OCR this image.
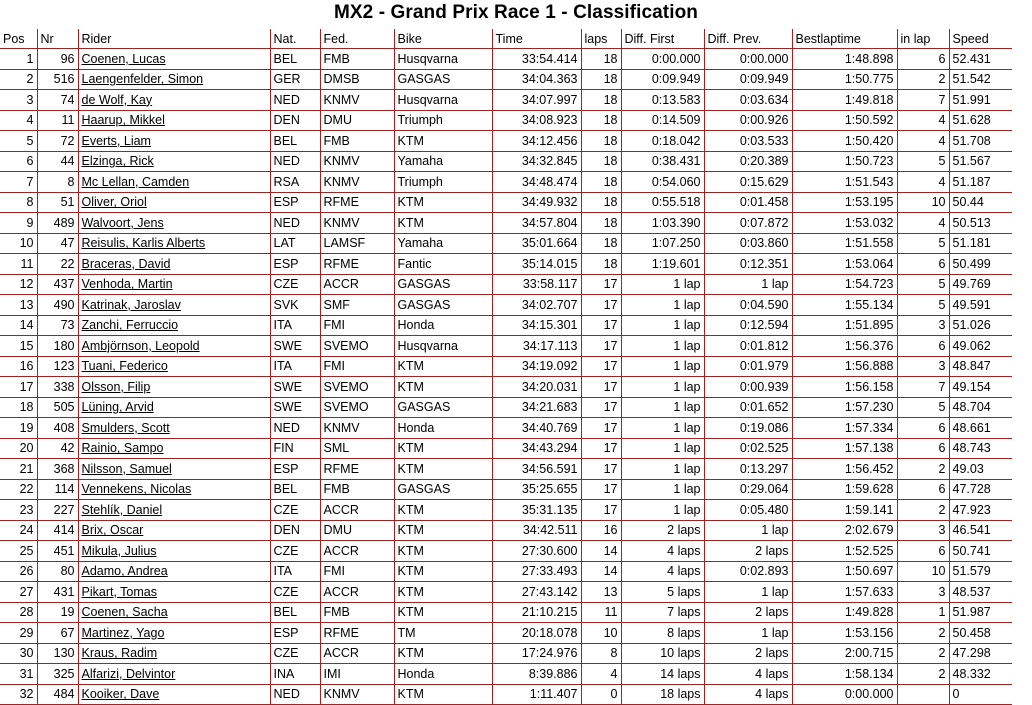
MX2 - Grand Prix Race 1 - Classification
Pos	Nr	Rider	Nat.	Fed.	Bike	Time	laps	Diff. First	Diff. Prev.	Bestlaptime	in lap	Speed
1	96	Coenen, Lucas	BEL	FMB	Husqvarna	33:54.414	18	0:00.000	0:00.000	1:48.898	6	52.431
2	516	Laengenfelder, Simon	GER	DMSB	GASGAS	34:04.363	18	0:09.949	0:09.949	1:50.775	2	51.542
3	74	de Wolf, Kay	NED	KNMV	Husqvarna	34:07.997	18	0:13.583	0:03.634	1:49.818	7	51.991
4	11	Haarup, Mikkel	DEN	DMU	Triumph	34:08.923	18	0:14.509	0:00.926	1:50.592	4	51.628
5	72	Everts, Liam	BEL	FMB	KTM	34:12.456	18	0:18.042	0:03.533	1:50.420	4	51.708
6	44	Elzinga, Rick	NED	KNMV	Yamaha	34:32.845	18	0:38.431	0:20.389	1:50.723	5	51.567
7	8	Mc Lellan, Camden	RSA	KNMV	Triumph	34:48.474	18	0:54.060	0:15.629	1:51.543	4	51.187
8	51	Oliver, Oriol	ESP	RFME	KTM	34:49.932	18	0:55.518	0:01.458	1:53.195	10	50.44
9	489	Walvoort, Jens	NED	KNMV	KTM	34:57.804	18	1:03.390	0:07.872	1:53.032	4	50.513
10	47	Reisulis, Karlis Alberts	LAT	LAMSF	Yamaha	35:01.664	18	1:07.250	0:03.860	1:51.558	5	51.181
11	22	Braceras, David	ESP	RFME	Fantic	35:14.015	18	1:19.601	0:12.351	1:53.064	6	50.499
12	437	Venhoda, Martin	CZE	ACCR	GASGAS	33:58.117	17	1 lap	1 lap	1:54.723	5	49.769
13	490	Katrinak, Jaroslav	SVK	SMF	GASGAS	34:02.707	17	1 lap	0:04.590	1:55.134	5	49.591
14	73	Zanchi, Ferruccio	ITA	FMI	Honda	34:15.301	17	1 lap	0:12.594	1:51.895	3	51.026
15	180	Ambjörnson, Leopold	SWE	SVEMO	Husqvarna	34:17.113	17	1 lap	0:01.812	1:56.376	6	49.062
16	123	Tuani, Federico	ITA	FMI	KTM	34:19.092	17	1 lap	0:01.979	1:56.888	3	48.847
17	338	Olsson, Filip	SWE	SVEMO	KTM	34:20.031	17	1 lap	0:00.939	1:56.158	7	49.154
18	505	Lüning, Arvid	SWE	SVEMO	GASGAS	34:21.683	17	1 lap	0:01.652	1:57.230	5	48.704
19	408	Smulders, Scott	NED	KNMV	Honda	34:40.769	17	1 lap	0:19.086	1:57.334	6	48.661
20	42	Rainio, Sampo	FIN	SML	KTM	34:43.294	17	1 lap	0:02.525	1:57.138	6	48.743
21	368	Nilsson, Samuel	ESP	RFME	KTM	34:56.591	17	1 lap	0:13.297	1:56.452	2	49.03
22	114	Vennekens, Nicolas	BEL	FMB	GASGAS	35:25.655	17	1 lap	0:29.064	1:59.628	6	47.728
23	227	Stehlík, Daniel	CZE	ACCR	KTM	35:31.135	17	1 lap	0:05.480	1:59.141	2	47.923
24	414	Brix, Oscar	DEN	DMU	KTM	34:42.511	16	2 laps	1 lap	2:02.679	3	46.541
25	451	Mikula, Julius	CZE	ACCR	KTM	27:30.600	14	4 laps	2 laps	1:52.525	6	50.741
26	80	Adamo, Andrea	ITA	FMI	KTM	27:33.493	14	4 laps	0:02.893	1:50.697	10	51.579
27	431	Pikart, Tomas	CZE	ACCR	KTM	27:43.142	13	5 laps	1 lap	1:57.633	3	48.537
28	19	Coenen, Sacha	BEL	FMB	KTM	21:10.215	11	7 laps	2 laps	1:49.828	1	51.987
29	67	Martinez, Yago	ESP	RFME	TM	20:18.078	10	8 laps	1 lap	1:53.156	2	50.458
30	130	Kraus, Radim	CZE	ACCR	KTM	17:24.976	8	10 laps	2 laps	2:00.715	2	47.298
31	325	Alfarizi, Delvintor	INA	IMI	Honda	8:39.886	4	14 laps	4 laps	1:58.134	2	48.332
32	484	Kooiker, Dave	NED	KNMV	KTM	1:11.407	0	18 laps	4 laps	0:00.000		0
